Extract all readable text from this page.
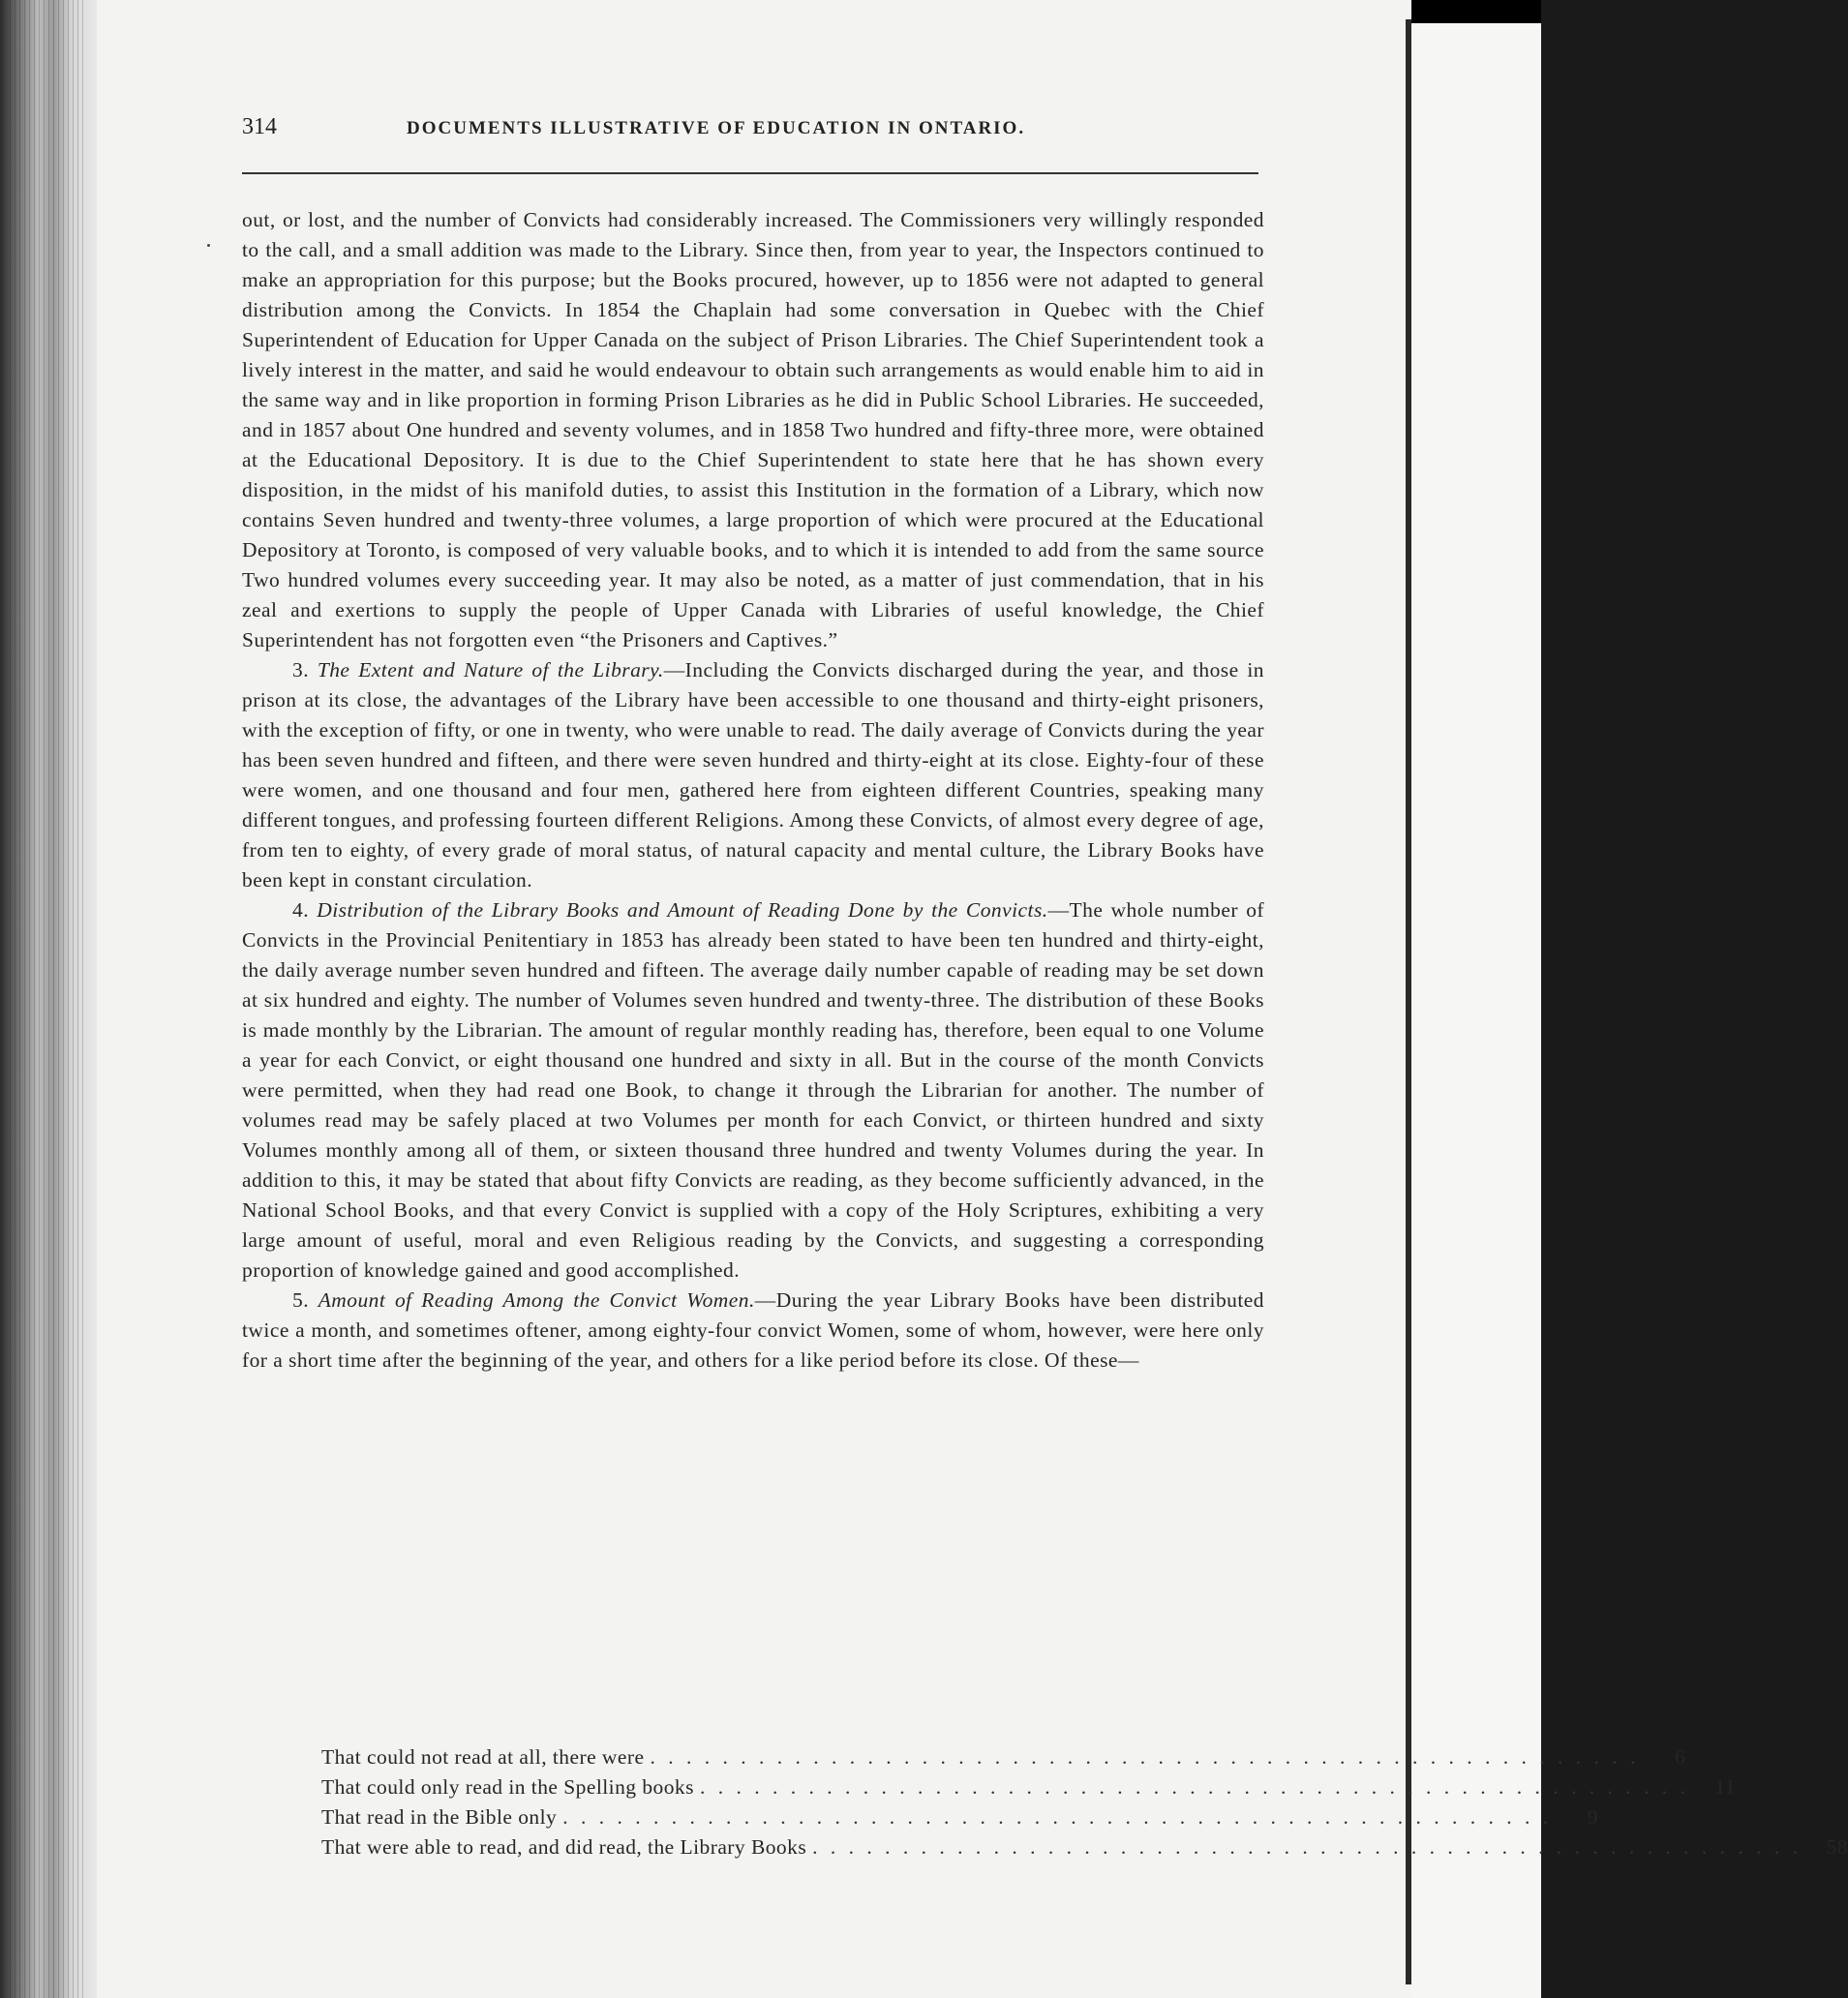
314	DOCUMENTS ILLUSTRATIVE OF EDUCATION IN ONTARIO.

out, or lost, and the number of Convicts had considerably increased. The Commissioners very willingly responded to the call, and a small addition was made to the Library. Since then, from year to year, the Inspectors continued to make an appropriation for this purpose; but the Books procured, however, up to 1856 were not adapted to general distribution among the Convicts. In 1854 the Chaplain had some conversation in Quebec with the Chief Superintendent of Education for Upper Canada on the subject of Prison Libraries. The Chief Superintendent took a lively interest in the matter, and said he would endeavour to obtain such arrangements as would enable him to aid in the same way and in like proportion in forming Prison Libraries as he did in Public School Libraries. He succeeded, and in 1857 about One hundred and seventy volumes, and in 1858 Two hundred and fifty-three more, were obtained at the Educational Depository. It is due to the Chief Superintendent to state here that he has shown every disposition, in the midst of his manifold duties, to assist this Institution in the formation of a Library, which now contains Seven hundred and twenty-three volumes, a large proportion of which were procured at the Educational Depository at Toronto, is composed of very valuable books, and to which it is intended to add from the same source Two hundred volumes every succeeding year. It may also be noted, as a matter of just commendation, that in his zeal and exertions to supply the people of Upper Canada with Libraries of useful knowledge, the Chief Superintendent has not forgotten even “the Prisoners and Captives.”

3. The Extent and Nature of the Library.—Including the Convicts discharged during the year, and those in prison at its close, the advantages of the Library have been accessible to one thousand and thirty-eight prisoners, with the exception of fifty, or one in twenty, who were unable to read. The daily average of Convicts during the year has been seven hundred and fifteen, and there were seven hundred and thirty-eight at its close. Eighty-four of these were women, and one thousand and four men, gathered here from eighteen different Countries, speaking many different tongues, and professing fourteen different Religions. Among these Convicts, of almost every degree of age, from ten to eighty, of every grade of moral status, of natural capacity and mental culture, the Library Books have been kept in constant circulation.

4. Distribution of the Library Books and Amount of Reading Done by the Convicts.—The whole number of Convicts in the Provincial Penitentiary in 1853 has already been stated to have been ten hundred and thirty-eight, the daily average number seven hundred and fifteen. The average daily number capable of reading may be set down at six hundred and eighty. The number of Volumes seven hundred and twenty-three. The distribution of these Books is made monthly by the Librarian. The amount of regular monthly reading has, therefore, been equal to one Volume a year for each Convict, or eight thousand one hundred and sixty in all. But in the course of the month Convicts were permitted, when they had read one Book, to change it through the Librarian for another. The number of volumes read may be safely placed at two Volumes per month for each Convict, or thirteen hundred and sixty Volumes monthly among all of them, or sixteen thousand three hundred and twenty Volumes during the year. In addition to this, it may be stated that about fifty Convicts are reading, as they become sufficiently advanced, in the National School Books, and that every Convict is supplied with a copy of the Holy Scriptures, exhibiting a very large amount of useful, moral and even Religious reading by the Convicts, and suggesting a corresponding proportion of knowledge gained and good accomplished.

5. Amount of Reading Among the Convict Women.—During the year Library Books have been distributed twice a month, and sometimes oftener, among eighty-four convict Women, some of whom, however, were here only for a short time after the beginning of the year, and others for a like period before its close. Of these—

That could not read at all, there were . . . . . . . . . . . . . . . . . . . . . . . . . . . . . . . . . . . . . . . . . . . . . . . . . . . . . . .	6
That could only read in the Spelling books . . . . . . . . . . . . . . . . . . . . . . . . . . . . . . . . . . . . . . . . . . . . . . . . . . . . . . .	11
That read in the Bible only . . . . . . . . . . . . . . . . . . . . . . . . . . . . . . . . . . . . . . . . . . . . . . . . . . . . . . .	9
That were able to read, and did read, the Library Books . . . . . . . . . . . . . . . . . . . . . . . . . . . . . . . . . . . . . . . . . . . . . . . . . . . . . . .	58
